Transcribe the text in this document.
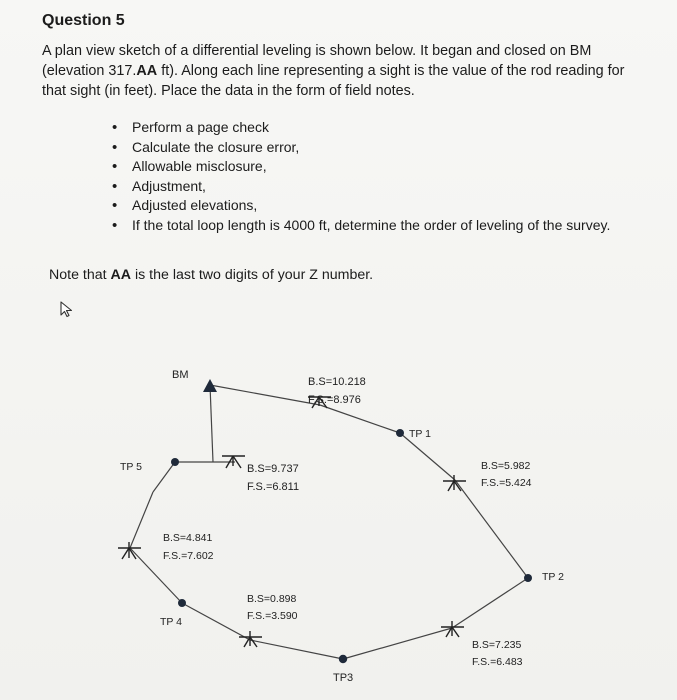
Question 5

A plan view sketch of a differential leveling is shown below. It began and closed on BM (elevation 317.AA ft). Along each line representing a sight is the value of the rod reading for that sight (in feet). Place the data in the form of field notes.

• Perform a page check
• Calculate the closure error,
• Allowable misclosure,
• Adjustment,
• Adjusted elevations,
• If the total loop length is 4000 ft, determine the order of leveling of the survey.

Note that AA is the last two digits of your Z number.

BM
TP 1
TP 2
TP3
TP 4
TP 5
B.S=10.218
F.S.=8.976
B.S=9.737
F.S.=6.811
B.S=5.982
F.S.=5.424
B.S=4.841
F.S.=7.602
B.S=0.898
F.S.=3.590
B.S=7.235
F.S.=6.483
